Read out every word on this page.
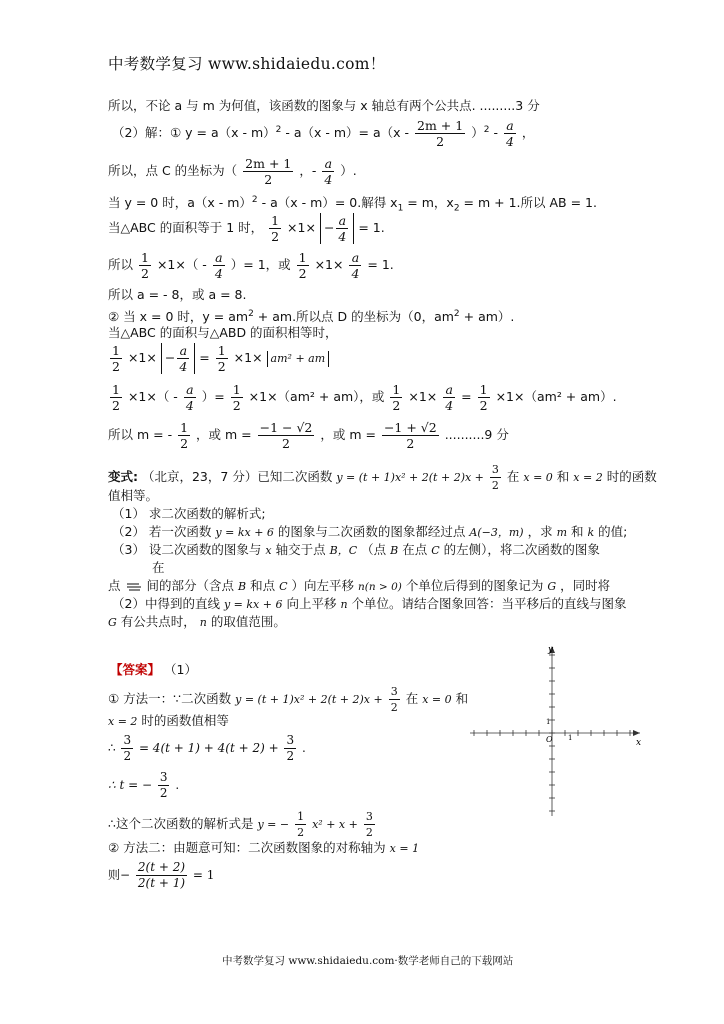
中考数学复习 www.shidaiedu.com！
所以，不论 a 与 m 为何值，该函数的图象与 x 轴总有两个公共点. .........3 分
（2）解：① $y = a(x - m)^2 - a(x - m)= a(x - \frac{2m + 1}{2} )^2 - \frac{a}{4}$ ，
所以，点 C 的坐标为（ $\frac{2m + 1}{2}$ ，- $\frac{a}{4}$ ）.
当 y = 0 时，a（x - m）$^2$ - a（x - m）= 0.解得 $x_1 = m$，$x_2 = m + 1$.所以 AB = 1.
当△ABC 的面积等于 1 时， $\frac{1}{2} \times 1\times - \frac{a}{4} = 1$.
所以 $\frac{1}{2} \times 1\times( - \frac{a}{4}$ ）= 1，或 $\frac{1}{2} \times 1\times \frac{a}{4} = 1$.
所以 a = - 8，或 a = 8.
② 当 x = 0 时，$y = am^2$ + am.所以点 D 的坐标为（0，$am^2 + am$）.
当△ABC 的面积与△ABD 的面积相等时，
$\frac{1}{2} \times 1\times - \frac{a}{4} = \frac{1}{2} \times 1\times am^2$ + am
$\frac{1}{2} \times 1\times( - \frac{a}{4}$ ）= $\frac{1}{2} \times 1\times(am^2 + am)$，或 $\frac{1}{2} \times 1\times \frac{a}{4} = \frac{1}{2} \times 1\times(am^2 + am)$.
所以 m = - $\frac{1}{2}$ ，或 $m = \frac{-1 - √2}{2}$ ，或 $m = \frac{-1 + √2}{2} ..........9$ 分
变式: （北京，23，7 分）已知二次函数 $y = (t + 1)x^2 + 2(t + 2)x + \frac{3}{2}$ 在 x = 0 和 x = 2 时的函数
值相等。
（1） 求二次函数的解析式;
（2） 若一次函数 y = kx + 6 的图象与二次函数的图象都经过点 A(−3，m) ，求 m 和 k 的值;
（3） 设二次函数的图象与 x 轴交于点 B，C （点 B 在点 C 的左侧），将二次函数的图象
在
点 间的部分（含点 B 和点 C ）向左平移 n(n > 0) 个单位后得到的图象记为 G ，同时将
（2）中得到的直线 y = kx + 6 向上平移 n 个单位。请结合图象回答：当平移后的直线与图象
G 有公共点时， n 的取值范围。
【答案】 （1）
① 方法一：∵二次函数 $y = (t + 1)x^2 + 2(t + 2)x + \frac{3}{2}$ 在 x = 0 和
x = 2 时的函数值相等
∴ $\frac{3}{2} = 4(t + 1) + 4(t + 2) + \frac{3}{2}$ .
∴ t = − $\frac{3}{2}$ .
∴这个二次函数的解析式是 y = − $\frac{1}{2} x^2 + x + \frac{3}{2}$
② 方法二：由题意可知：二次函数图象的对称轴为 x = 1
则− $\frac{2(t + 2)}{2(t + 1)} = 1$
y
x
O 1
1
中考数学复习 www.shidaiedu.com·数学老师自己的下载网站
